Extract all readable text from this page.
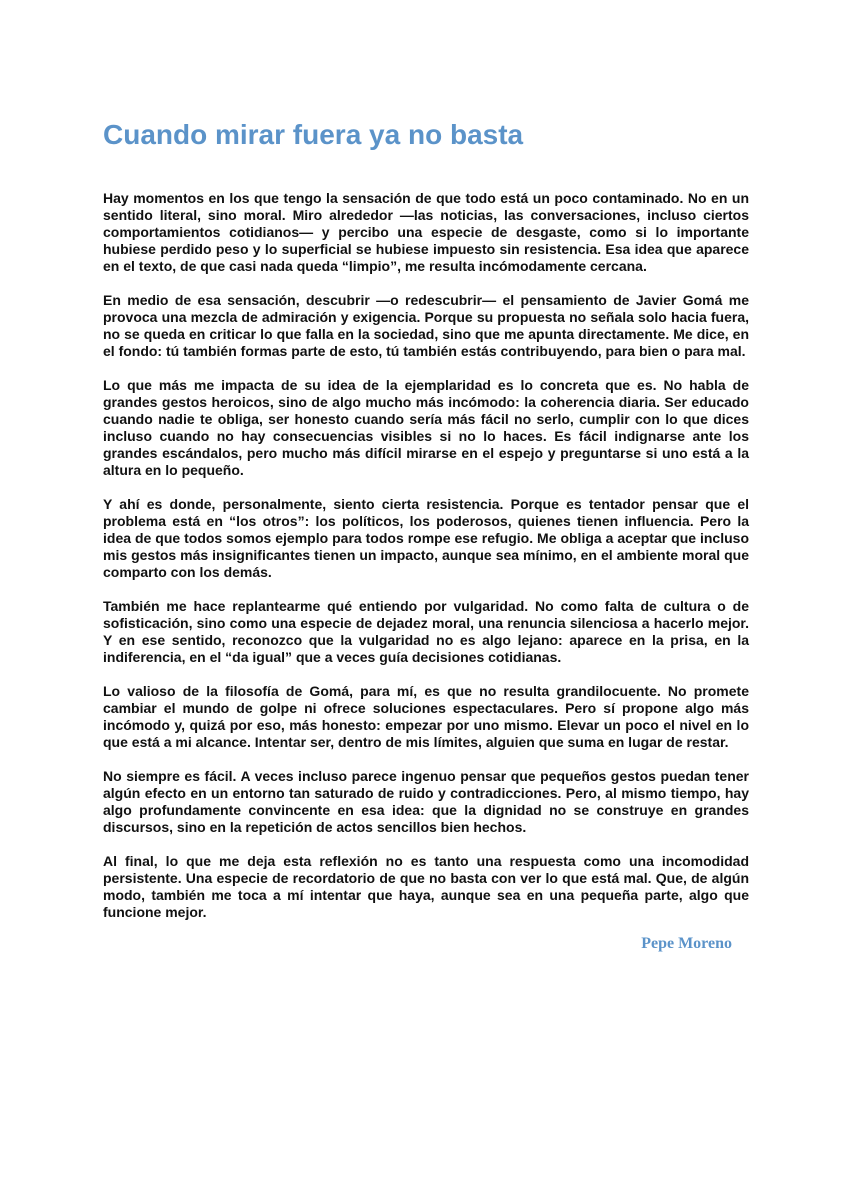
Cuando mirar fuera ya no basta

Hay momentos en los que tengo la sensación de que todo está un poco contaminado. No en un sentido literal, sino moral. Miro alrededor —las noticias, las conversaciones, incluso ciertos comportamientos cotidianos— y percibo una especie de desgaste, como si lo importante hubiese perdido peso y lo superficial se hubiese impuesto sin resistencia. Esa idea que aparece en el texto, de que casi nada queda “limpio”, me resulta incómodamente cercana.

En medio de esa sensación, descubrir —o redescubrir— el pensamiento de Javier Gomá me provoca una mezcla de admiración y exigencia. Porque su propuesta no señala solo hacia fuera, no se queda en criticar lo que falla en la sociedad, sino que me apunta directamente. Me dice, en el fondo: tú también formas parte de esto, tú también estás contribuyendo, para bien o para mal.

Lo que más me impacta de su idea de la ejemplaridad es lo concreta que es. No habla de grandes gestos heroicos, sino de algo mucho más incómodo: la coherencia diaria. Ser educado cuando nadie te obliga, ser honesto cuando sería más fácil no serlo, cumplir con lo que dices incluso cuando no hay consecuencias visibles si no lo haces. Es fácil indignarse ante los grandes escándalos, pero mucho más difícil mirarse en el espejo y preguntarse si uno está a la altura en lo pequeño.

Y ahí es donde, personalmente, siento cierta resistencia. Porque es tentador pensar que el problema está en “los otros”: los políticos, los poderosos, quienes tienen influencia. Pero la idea de que todos somos ejemplo para todos rompe ese refugio. Me obliga a aceptar que incluso mis gestos más insignificantes tienen un impacto, aunque sea mínimo, en el ambiente moral que comparto con los demás.

También me hace replantearme qué entiendo por vulgaridad. No como falta de cultura o de sofisticación, sino como una especie de dejadez moral, una renuncia silenciosa a hacerlo mejor. Y en ese sentido, reconozco que la vulgaridad no es algo lejano: aparece en la prisa, en la indiferencia, en el “da igual” que a veces guía decisiones cotidianas.

Lo valioso de la filosofía de Gomá, para mí, es que no resulta grandilocuente. No promete cambiar el mundo de golpe ni ofrece soluciones espectaculares. Pero sí propone algo más incómodo y, quizá por eso, más honesto: empezar por uno mismo. Elevar un poco el nivel en lo que está a mi alcance. Intentar ser, dentro de mis límites, alguien que suma en lugar de restar.

No siempre es fácil. A veces incluso parece ingenuo pensar que pequeños gestos puedan tener algún efecto en un entorno tan saturado de ruido y contradicciones. Pero, al mismo tiempo, hay algo profundamente convincente en esa idea: que la dignidad no se construye en grandes discursos, sino en la repetición de actos sencillos bien hechos.

Al final, lo que me deja esta reflexión no es tanto una respuesta como una incomodidad persistente. Una especie de recordatorio de que no basta con ver lo que está mal. Que, de algún modo, también me toca a mí intentar que haya, aunque sea en una pequeña parte, algo que funcione mejor.

Pepe Moreno
